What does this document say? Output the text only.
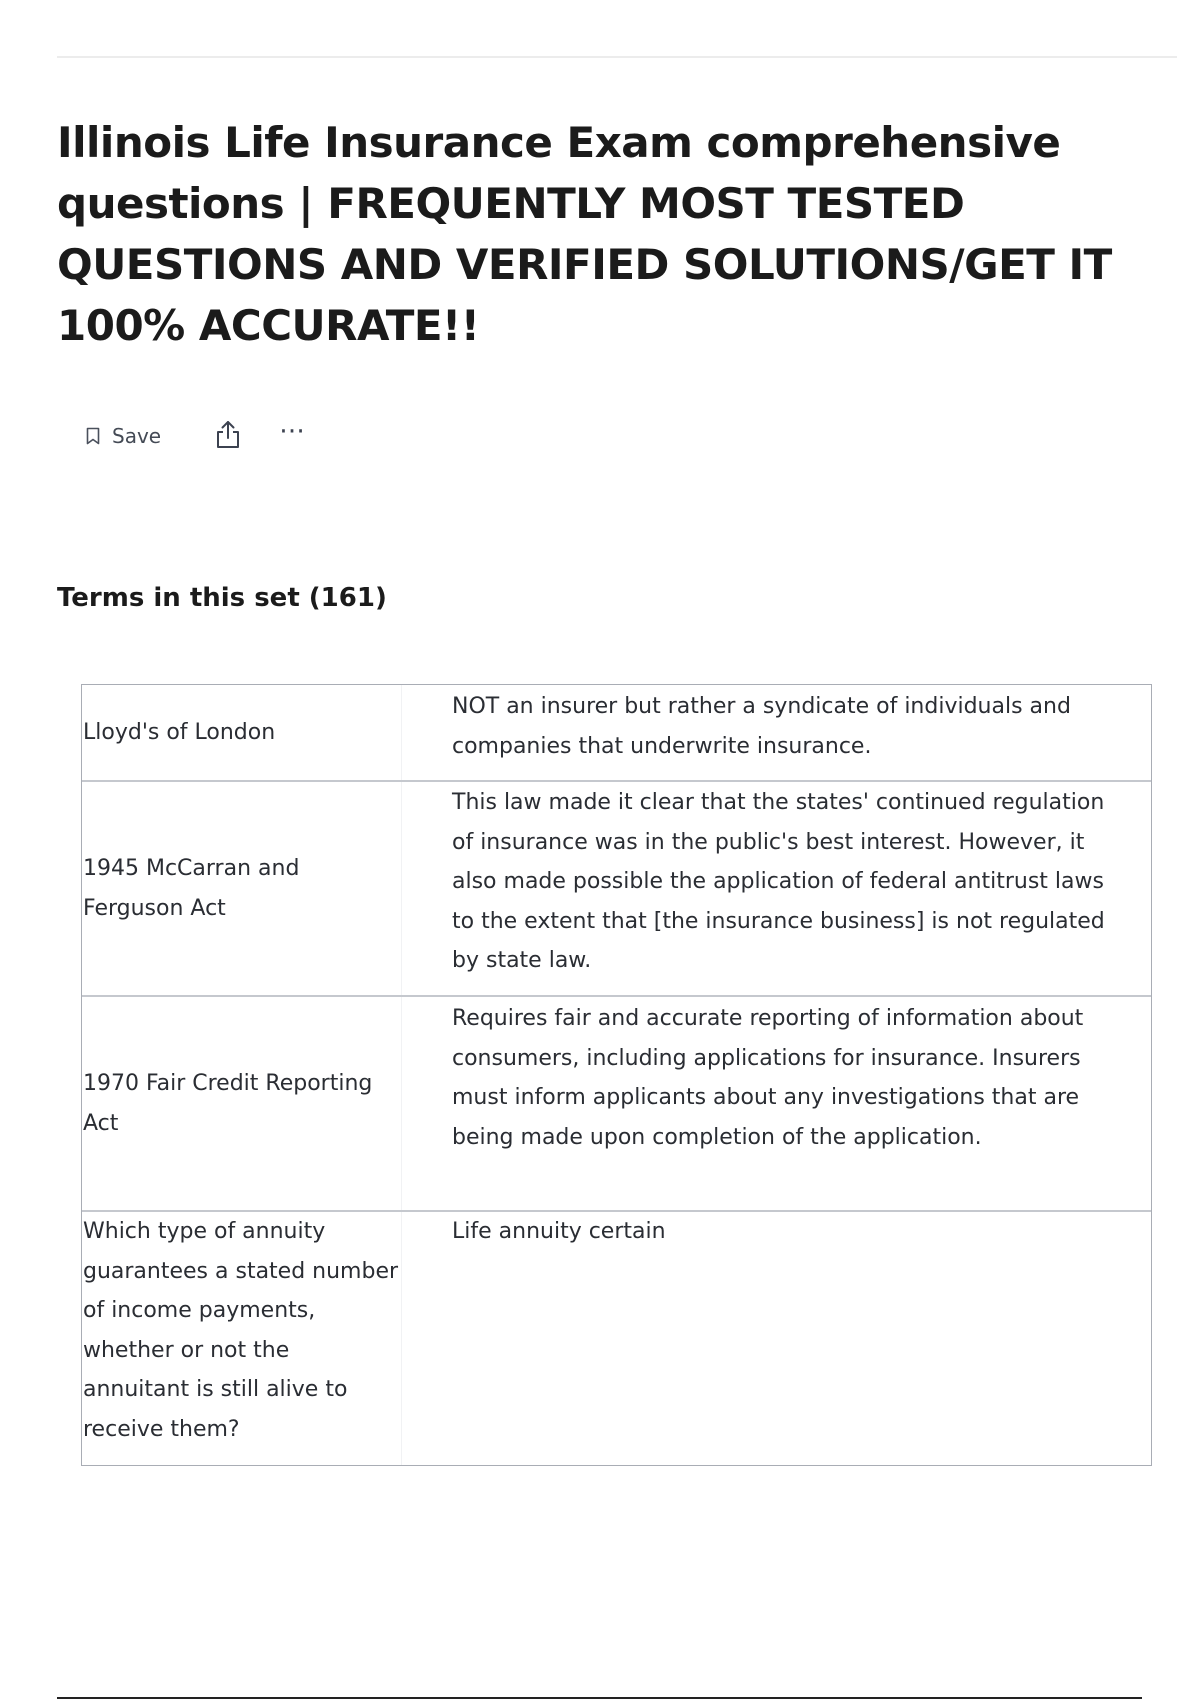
Illinois Life Insurance Exam comprehensive questions | FREQUENTLY MOST TESTED QUESTIONS AND VERIFIED SOLUTIONS/GET IT 100% ACCURATE!!
Save	⋯
Terms in this set (161)
Lloyd's of London
NOT an insurer but rather a syndicate of individuals and companies that underwrite insurance.
1945 McCarran and Ferguson Act
This law made it clear that the states' continued regulation of insurance was in the public's best interest. However, it also made possible the application of federal antitrust laws to the extent that [the insurance business] is not regulated by state law.
1970 Fair Credit Reporting Act
Requires fair and accurate reporting of information about consumers, including applications for insurance. Insurers must inform applicants about any investigations that are being made upon completion of the application.
Which type of annuity guarantees a stated number of income payments, whether or not the annuitant is still alive to receive them?
Life annuity certain
